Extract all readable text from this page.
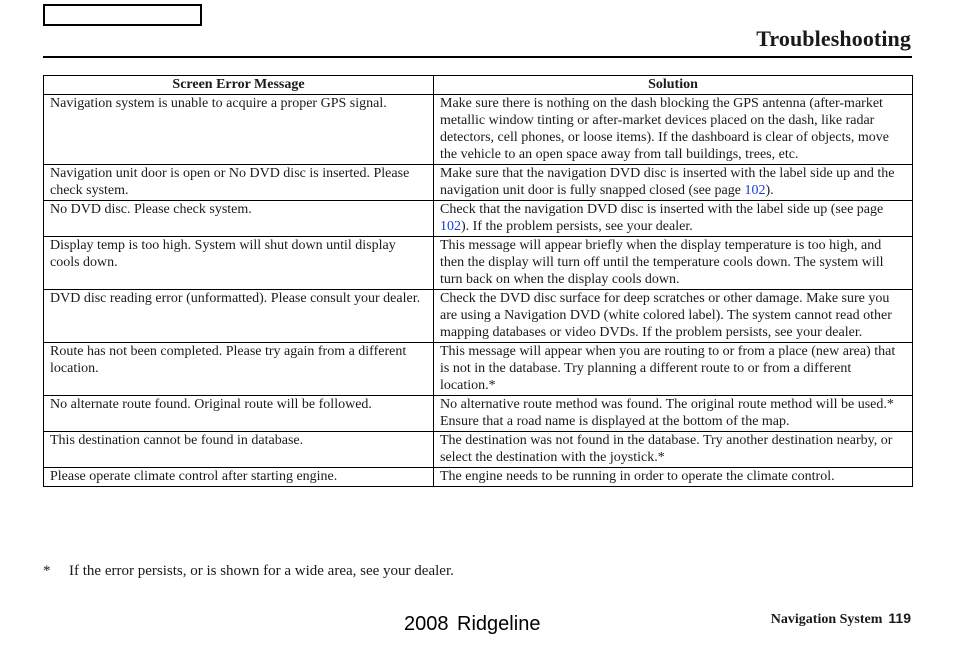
Troubleshooting
Screen Error Message	Solution
Navigation system is unable to acquire a proper GPS signal.	Make sure there is nothing on the dash blocking the GPS antenna (after-market metallic window tinting or after-market devices placed on the dash, like radar detectors, cell phones, or loose items). If the dashboard is clear of objects, move the vehicle to an open space away from tall buildings, trees, etc.
Navigation unit door is open or No DVD disc is inserted. Please check system.	Make sure that the navigation DVD disc is inserted with the label side up and the navigation unit door is fully snapped closed (see page 102).
No DVD disc. Please check system.	Check that the navigation DVD disc is inserted with the label side up (see page 102). If the problem persists, see your dealer.
Display temp is too high. System will shut down until display cools down.	This message will appear briefly when the display temperature is too high, and then the display will turn off until the temperature cools down. The system will turn back on when the display cools down.
DVD disc reading error (unformatted). Please consult your dealer.	Check the DVD disc surface for deep scratches or other damage. Make sure you are using a Navigation DVD (white colored label). The system cannot read other mapping databases or video DVDs. If the problem persists, see your dealer.
Route has not been completed. Please try again from a different location.	This message will appear when you are routing to or from a place (new area) that is not in the database. Try planning a different route to or from a different location.*
No alternate route found. Original route will be followed.	No alternative route method was found. The original route method will be used.*
Ensure that a road name is displayed at the bottom of the map.

This destination cannot be found in database.	The destination was not found in the database. Try another destination nearby, or select the destination with the joystick.*
Please operate climate control after starting engine.	The engine needs to be running in order to operate the climate control.
* If the error persists, or is shown for a wide area, see your dealer.
2008 Ridgeline	Navigation System 119
